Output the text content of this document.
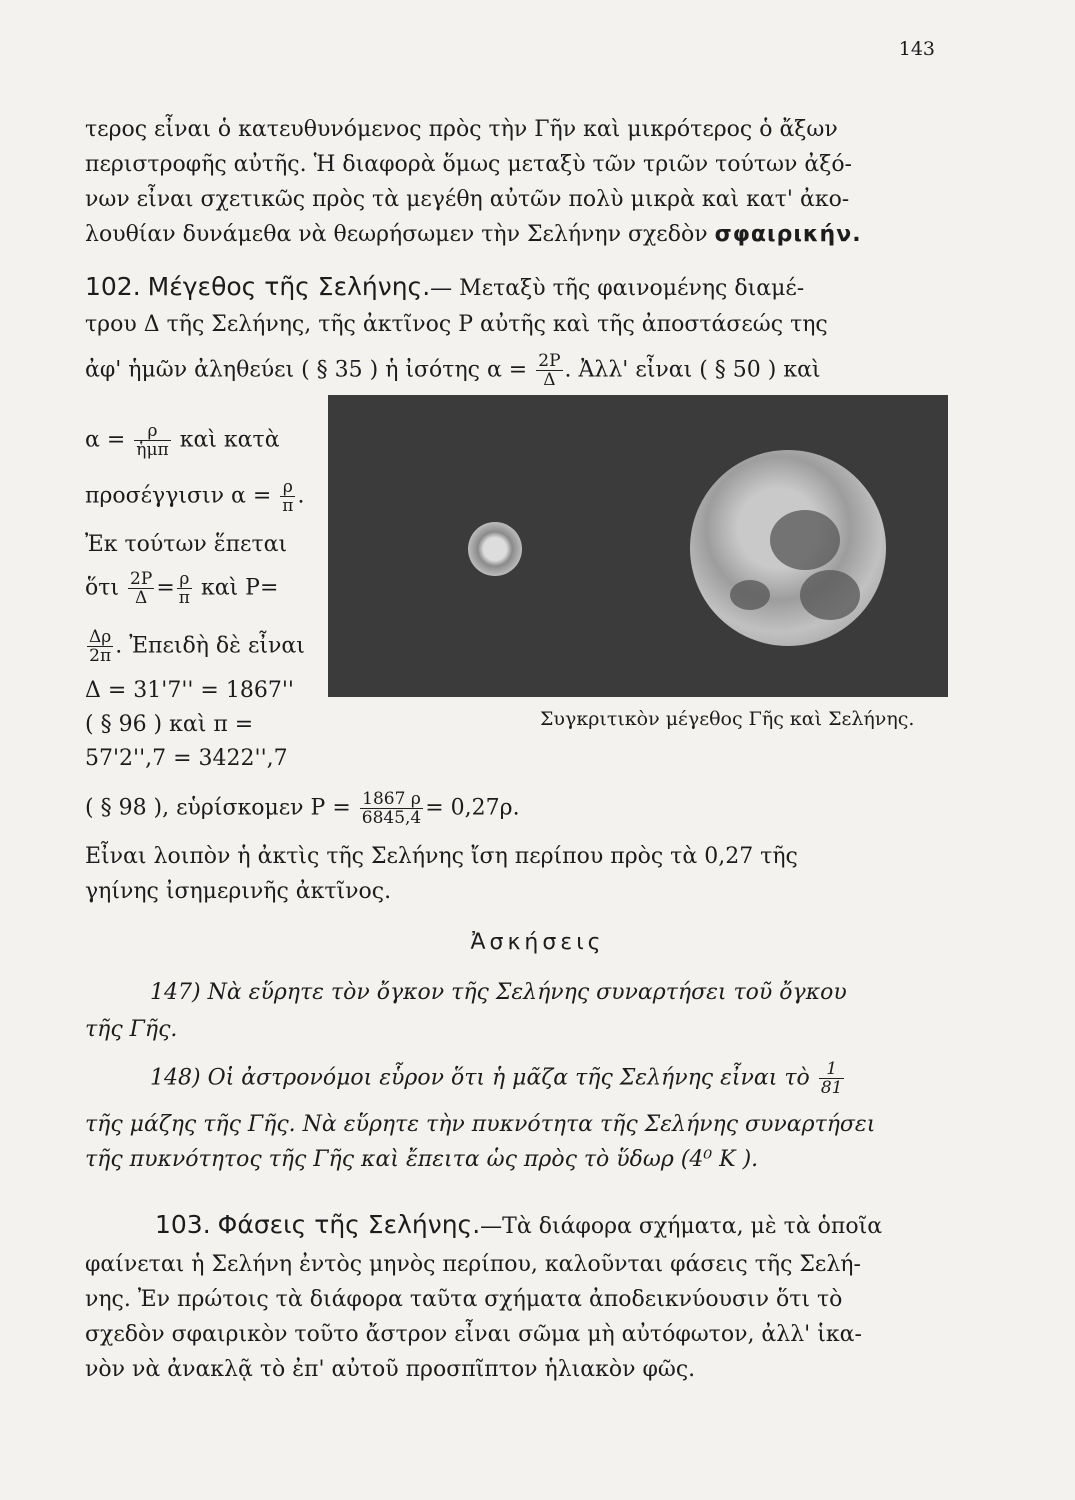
143
τερος εἶναι ὁ κατευθυνόμενος πρὸς τὴν Γῆν καὶ μικρότερος ὁ ἄξων
περιστροφῆς αὐτῆς. Ἡ διαφορὰ ὅμως μεταξὺ τῶν τριῶν τούτων ἀξό-
νων εἶναι σχετικῶς πρὸς τὰ μεγέθη αὐτῶν πολὺ μικρὰ καὶ κατ' ἀκο-
λουθίαν δυνάμεθα νὰ θεωρήσωμεν τὴν Σελήνην σχεδὸν σφαιρικήν.
102. Μέγεθος τῆς Σελήνης.— Μεταξὺ τῆς φαινομένης διαμέ-
τρου Δ τῆς Σελήνης, τῆς ἀκτῖνος Ρ αὐτῆς καὶ τῆς ἀποστάσεώς της
ἀφ' ἡμῶν ἀληθεύει ( § 35 ) ἡ ἰσότης $\alpha = \frac{2P}{\Delta}$ . Ἀλλ' εἶναι ( § 50 ) καὶ
$\alpha = \frac{\rho}{\text{ἡμπ}}$ καὶ κατὰ
προσέγγισιν $\alpha = \frac{\rho}{\pi}$ .
Ἐκ τούτων ἕπεται
ὅτι $\frac{2P}{\Delta} = \frac{\rho}{\pi}$ καὶ Ρ=
$\frac{\Delta\rho}{2\pi}$ . Ἐπειδὴ δὲ εἶναι
Δ = 31'7'' = 1867''
( § 96 ) καὶ π =
57'2'',7 = 3422'',7
Συγκριτικὸν μέγεθος Γῆς καὶ Σελήνης.
( § 98 ), εὑρίσκομεν $P = \frac{1867 \rho}{6845,4} = 0,27\rho$.
Εἶναι λοιπὸν ἡ ἀκτὶς τῆς Σελήνης ἴση περίπου πρὸς τὰ 0,27 τῆς
γηίνης ἰσημερινῆς ἀκτῖνος.
Ἀσκήσεις
147) Νὰ εὕρητε τὸν ὄγκον τῆς Σελήνης συναρτήσει τοῦ ὄγκου
τῆς Γῆς.
148) Οἱ ἀστρονόμοι εὗρον ὅτι ἡ μᾶζα τῆς Σελήνης εἶναι τὸ $\frac{1}{81}$
τῆς μάζης τῆς Γῆς. Νὰ εὕρητε τὴν πυκνότητα τῆς Σελήνης συναρτήσει
τῆς πυκνότητος τῆς Γῆς καὶ ἔπειτα ὡς πρὸς τὸ ὕδωρ (4⁰ Κ ).
103. Φάσεις τῆς Σελήνης.—Τὰ διάφορα σχήματα, μὲ τὰ ὁποῖα
φαίνεται ἡ Σελήνη ἐντὸς μηνὸς περίπου, καλοῦνται φάσεις τῆς Σελή-
νης. Ἐν πρώτοις τὰ διάφορα ταῦτα σχήματα ἀποδεικνύουσιν ὅτι τὸ
σχεδὸν σφαιρικὸν τοῦτο ἄστρον εἶναι σῶμα μὴ αὐτόφωτον, ἀλλ' ἱκα-
νὸν νὰ ἀνακλᾷ τὸ ἐπ' αὐτοῦ προσπῖπτον ἡλιακὸν φῶς.
